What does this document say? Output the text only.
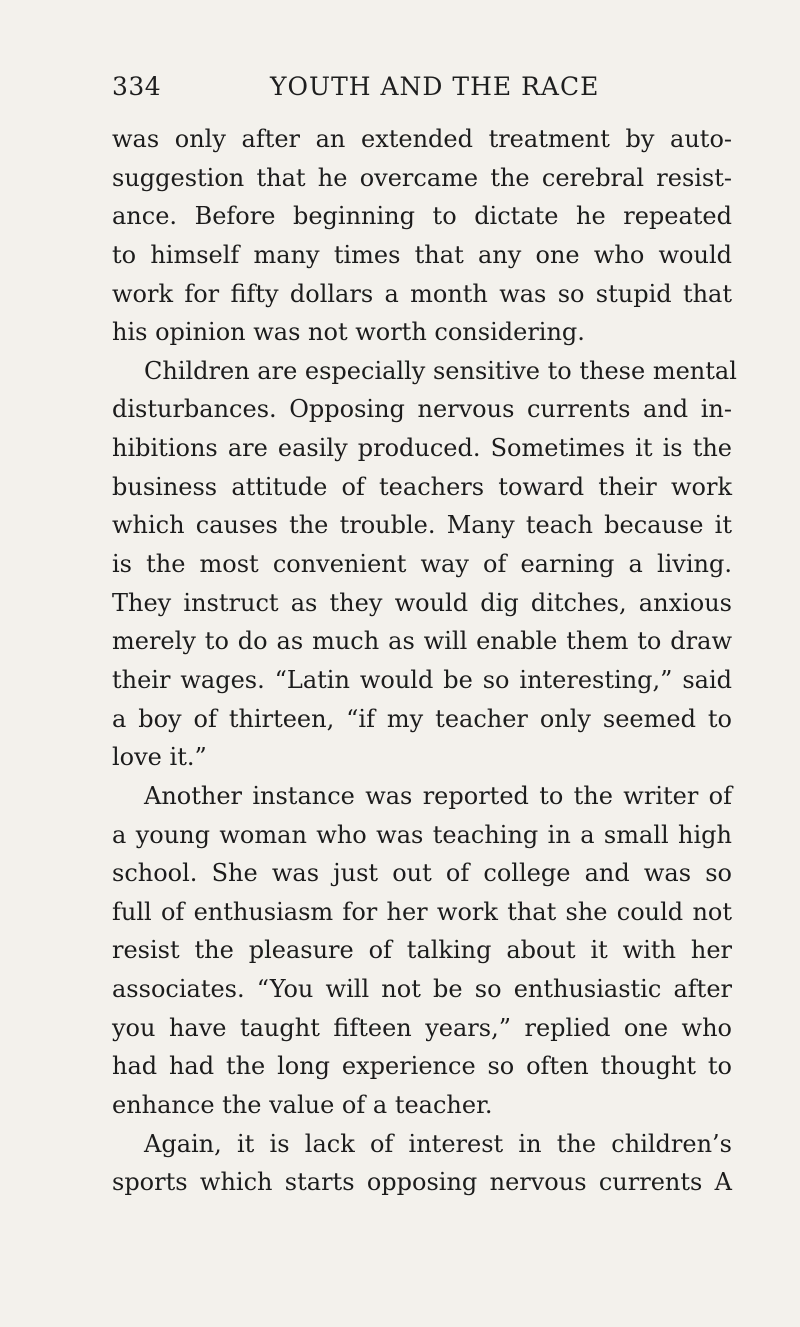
334	YOUTH AND THE RACE
was only after an extended treatment by auto-
suggestion that he overcame the cerebral resist-
ance. Before beginning to dictate he repeated
to himself many times that any one who would
work for fifty dollars a month was so stupid that
his opinion was not worth considering.
Children are especially sensitive to these mental
disturbances. Opposing nervous currents and in-
hibitions are easily produced. Sometimes it is the
business attitude of teachers toward their work
which causes the trouble. Many teach because it
is the most convenient way of earning a living.
They instruct as they would dig ditches, anxious
merely to do as much as will enable them to draw
their wages. “Latin would be so interesting,” said
a boy of thirteen, “if my teacher only seemed to
love it.”
Another instance was reported to the writer of
a young woman who was teaching in a small high
school. She was just out of college and was so
full of enthusiasm for her work that she could not
resist the pleasure of talking about it with her
associates. “You will not be so enthusiastic after
you have taught fifteen years,” replied one who
had had the long experience so often thought to
enhance the value of a teacher.
Again, it is lack of interest in the children’s
sports which starts opposing nervous currents A
